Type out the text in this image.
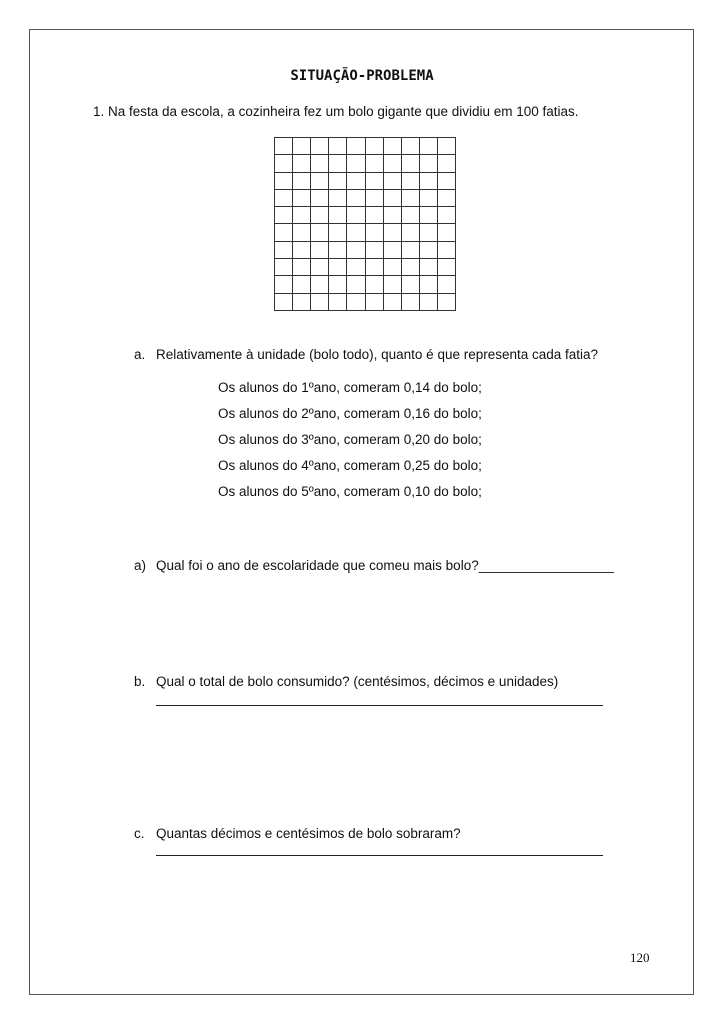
SITUAÇÃO-PROBLEMA
1. Na festa da escola, a cozinheira fez um bolo gigante que dividiu em 100 fatias.
a. Relativamente à unidade (bolo todo), quanto é que representa cada fatia?
Os alunos do 1ºano, comeram 0,14 do bolo;
Os alunos do 2ºano, comeram 0,16 do bolo;
Os alunos do 3ºano, comeram 0,20 do bolo;
Os alunos do 4ºano, comeram 0,25 do bolo;
Os alunos do 5ºano, comeram 0,10 do bolo;
a) Qual foi o ano de escolaridade que comeu mais bolo?__________________
b. Qual o total de bolo consumido? (centésimos, décimos e unidades)
c. Quantas décimos e centésimos de bolo sobraram?
120
